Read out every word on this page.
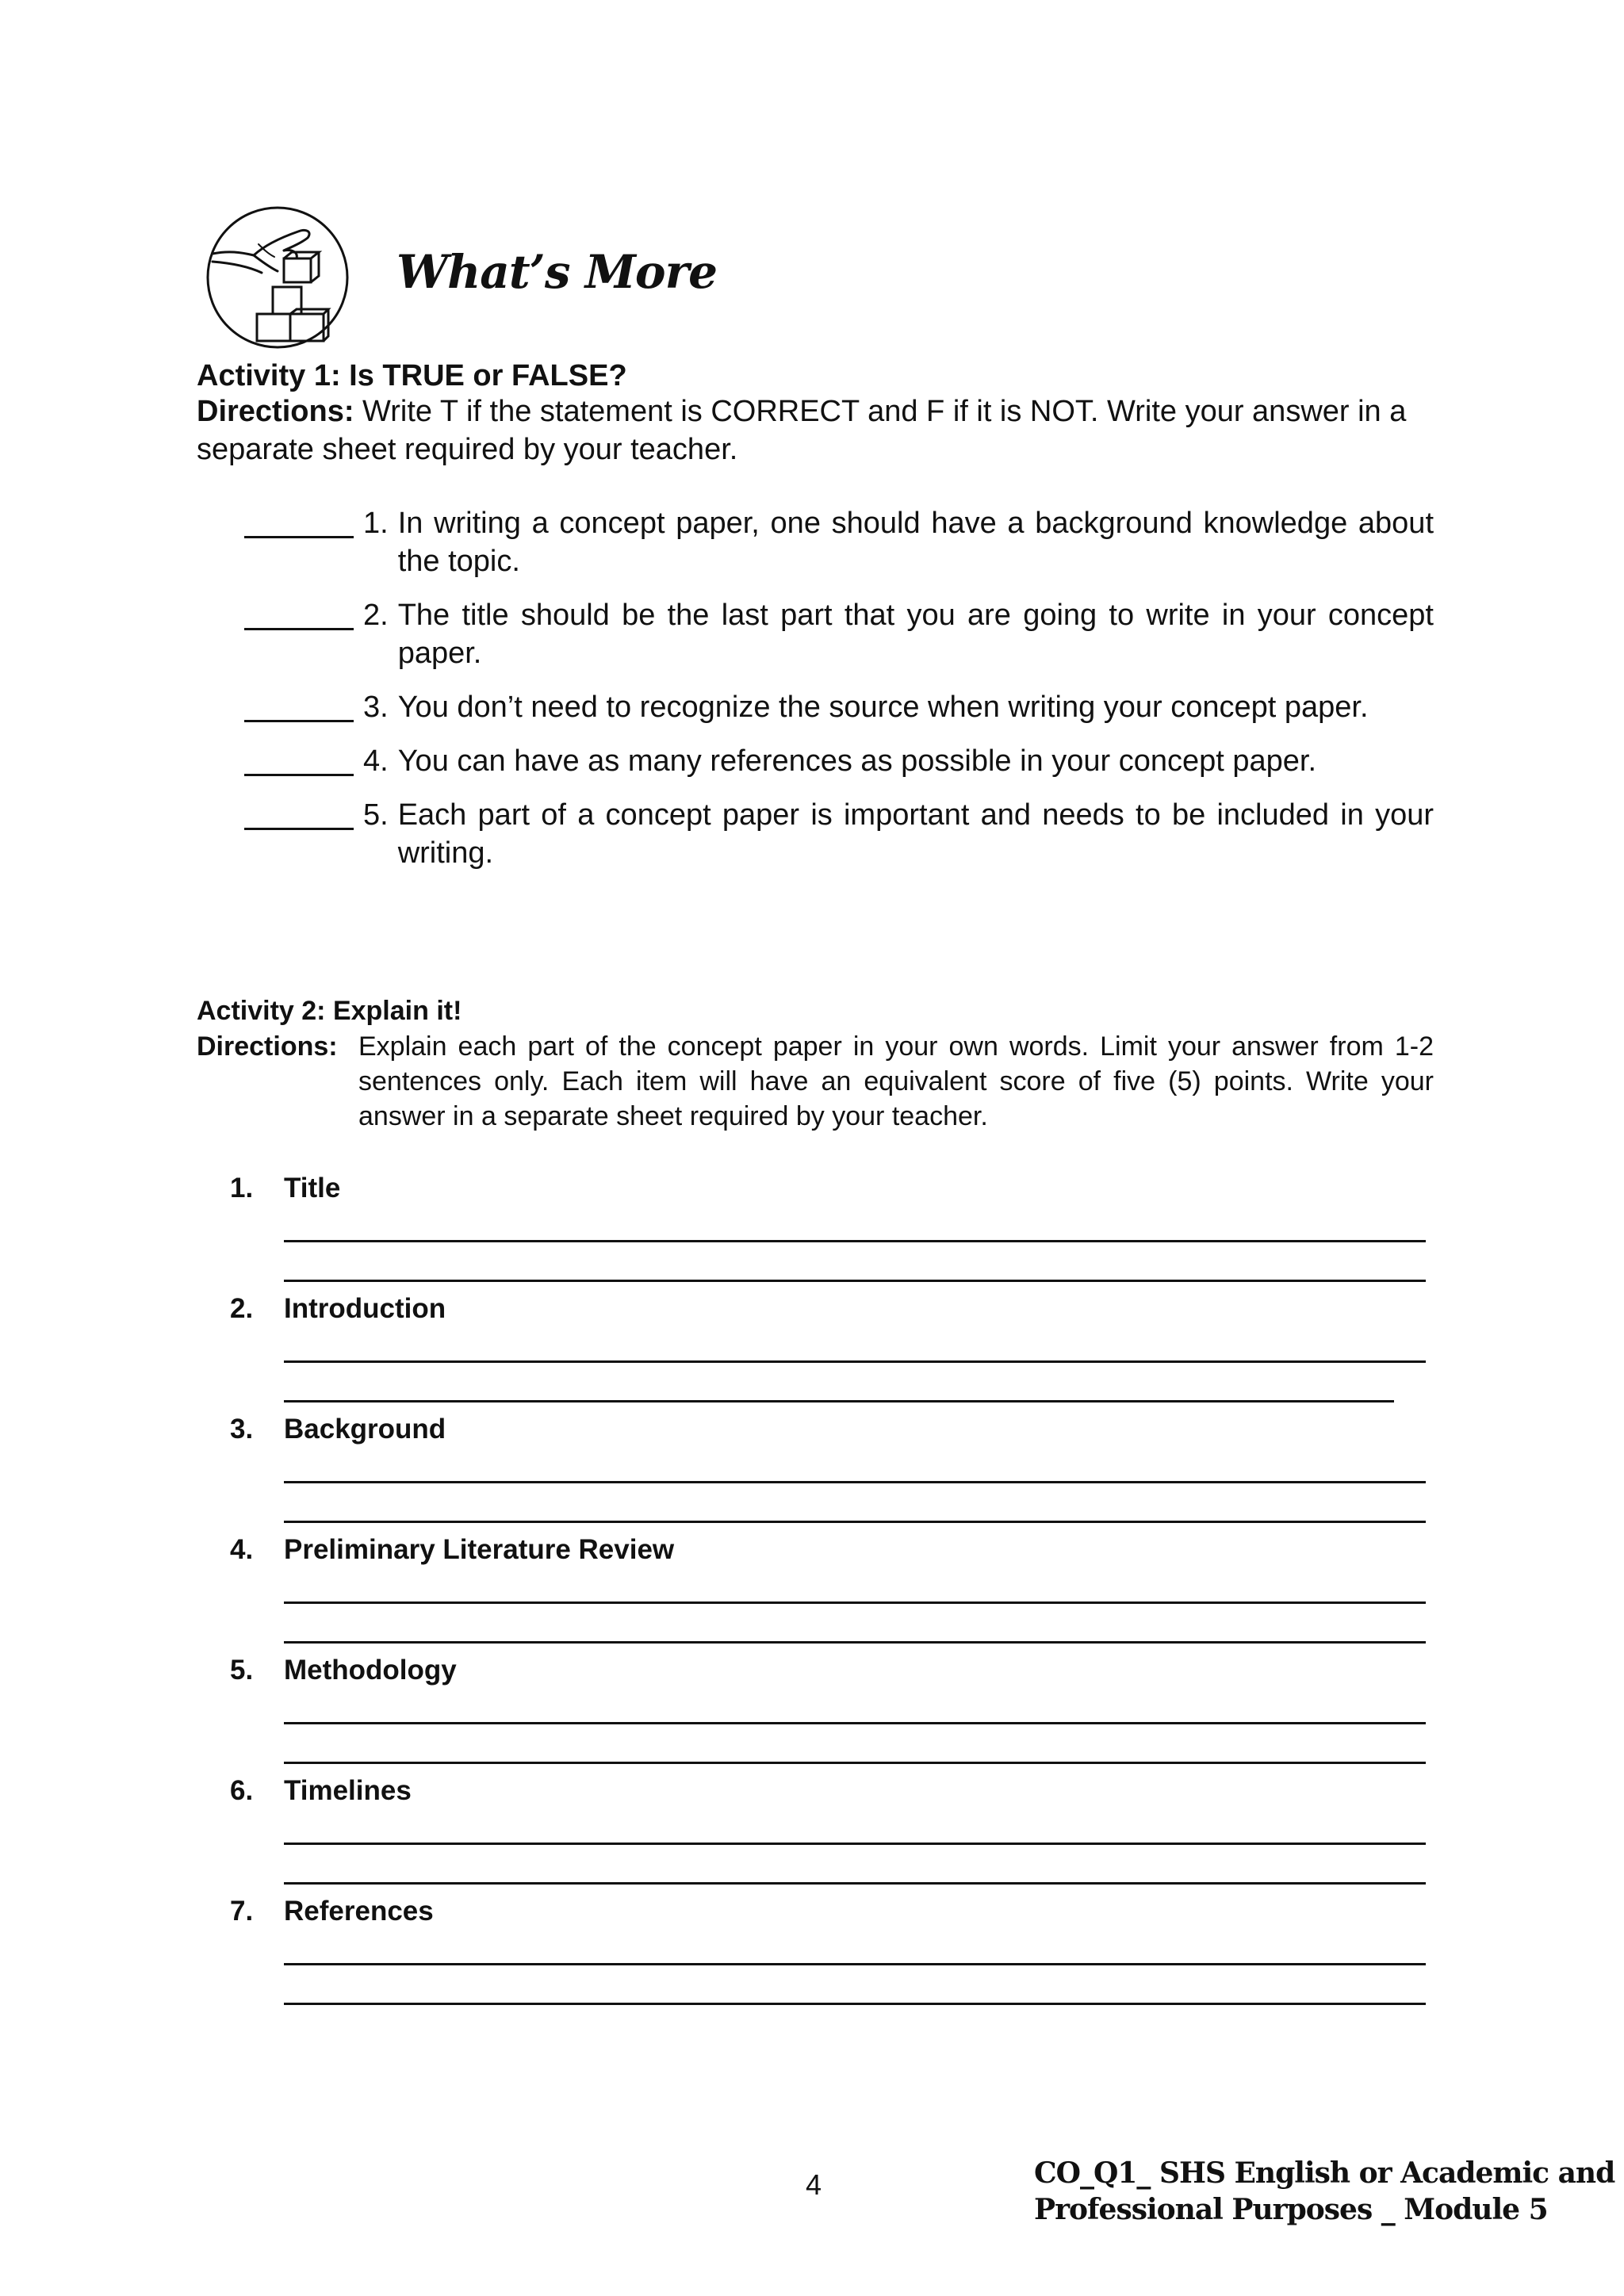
What’s More
Activity 1: Is TRUE or FALSE?
Directions: Write T if the statement is CORRECT and F if it is NOT. Write your answer in a separate sheet required by your teacher.
1. In writing a concept paper, one should have a background knowledge about the topic.
2. The title should be the last part that you are going to write in your concept paper.
3. You don’t need to recognize the source when writing your concept paper.
4. You can have as many references as possible in your concept paper.
5. Each part of a concept paper is important and needs to be included in your writing.
Activity 2: Explain it!
Directions: Explain each part of the concept paper in your own words. Limit your answer from 1-2 sentences only. Each item will have an equivalent score of five (5) points. Write your answer in a separate sheet required by your teacher.
1. Title
2. Introduction
3. Background
4. Preliminary Literature Review
5. Methodology
6. Timelines
7. References
4	CO_Q1_ SHS English or Academic and
Professional Purposes _ Module 5
